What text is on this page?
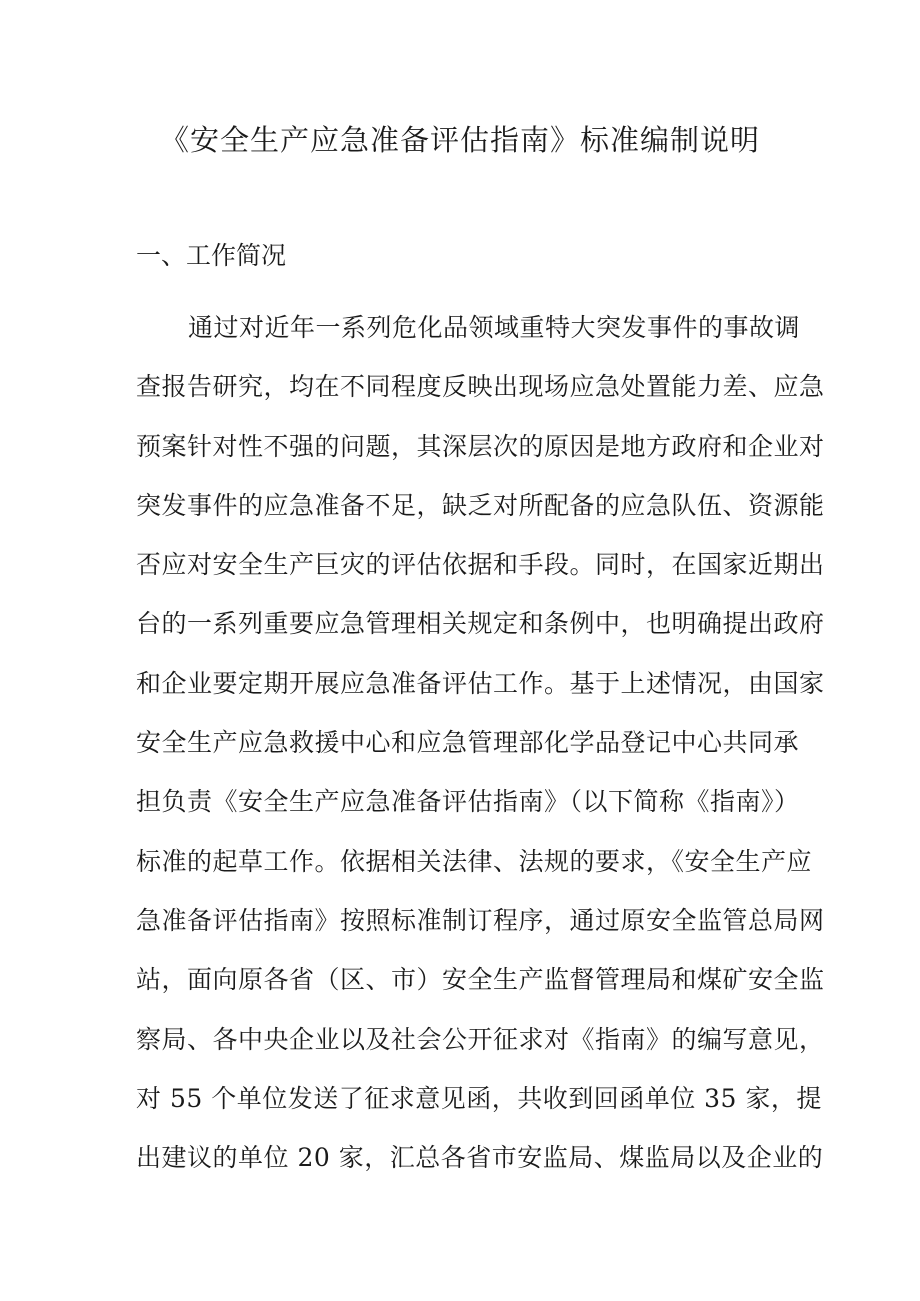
《安全生产应急准备评估指南》标准编制说明
一、工作简况
通过对近年一系列危化品领域重特大突发事件的事故调
查报告研究，均在不同程度反映出现场应急处置能力差、应急
预案针对性不强的问题，其深层次的原因是地方政府和企业对
突发事件的应急准备不足，缺乏对所配备的应急队伍、资源能
否应对安全生产巨灾的评估依据和手段。同时，在国家近期出
台的一系列重要应急管理相关规定和条例中，也明确提出政府
和企业要定期开展应急准备评估工作。基于上述情况，由国家
安全生产应急救援中心和应急管理部化学品登记中心共同承
担负责《安全生产应急准备评估指南》（以下简称《指南》）
标准的起草工作。依据相关法律、法规的要求，《安全生产应
急准备评估指南》按照标准制订程序，通过原安全监管总局网
站，面向原各省（区、市）安全生产监督管理局和煤矿安全监
察局、各中央企业以及社会公开征求对《指南》的编写意见，
对 55 个单位发送了征求意见函，共收到回函单位 35 家，提
出建议的单位 20 家，汇总各省市安监局、煤监局以及企业的
